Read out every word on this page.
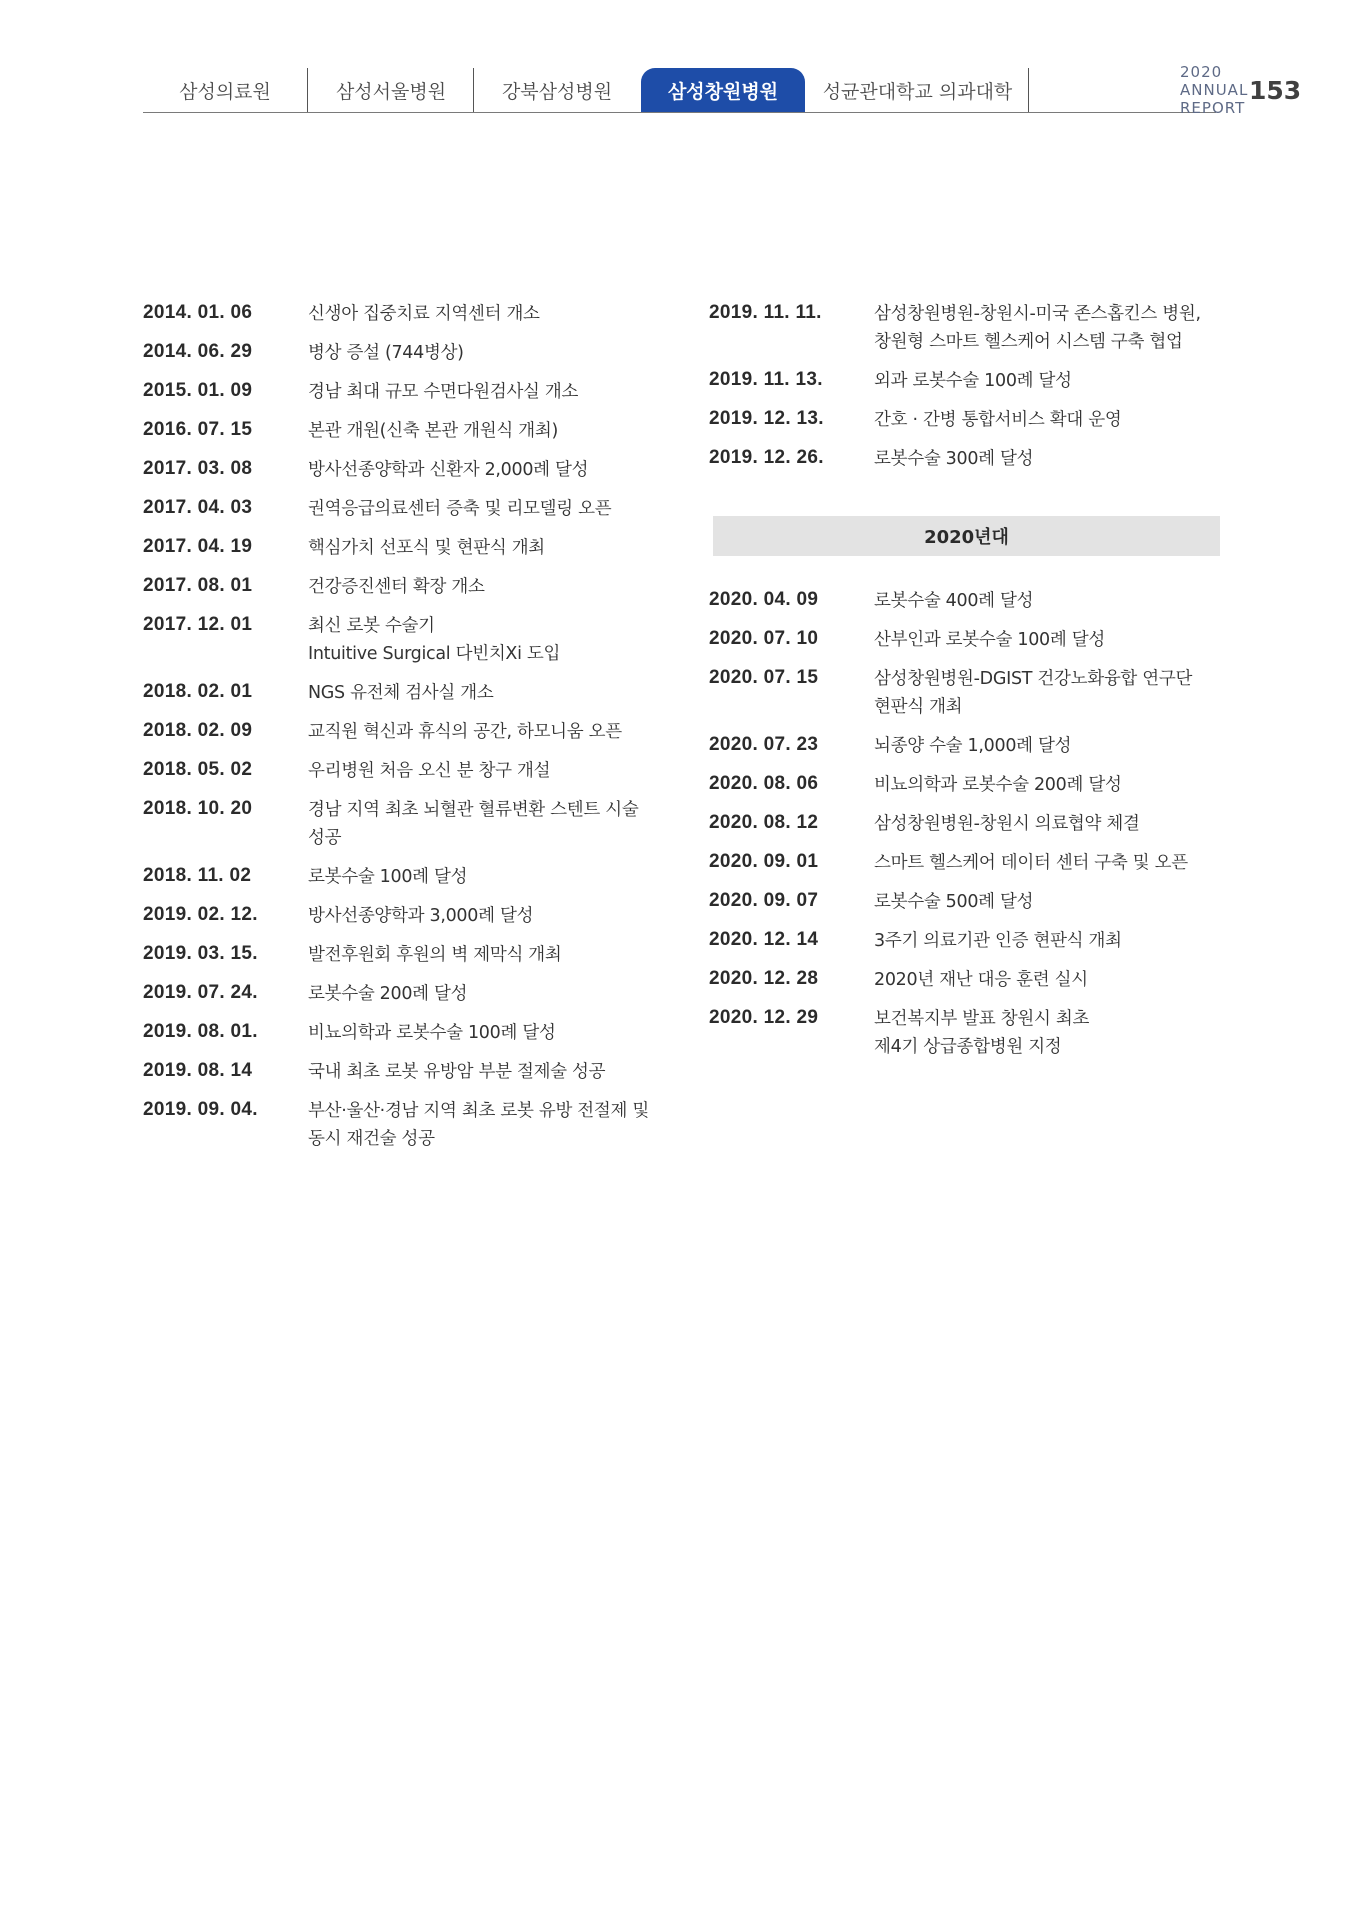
삼성의료원	삼성서울병원	강북삼성병원	삼성창원병원	성균관대학교 의과대학
2020 ANNUAL REPORT
153
2014. 01. 06	신생아 집중치료 지역센터 개소
2014. 06. 29	병상 증설 (744병상)
2015. 01. 09	경남 최대 규모 수면다원검사실 개소
2016. 07. 15	본관 개원(신축 본관 개원식 개최)
2017. 03. 08	방사선종양학과 신환자 2,000례 달성
2017. 04. 03	권역응급의료센터 증축 및 리모델링 오픈
2017. 04. 19	핵심가치 선포식 및 현판식 개최
2017. 08. 01	건강증진센터 확장 개소
2017. 12. 01	최신 로봇 수술기
Intuitive Surgical 다빈치Xi 도입
2018. 02. 01	NGS 유전체 검사실 개소
2018. 02. 09	교직원 혁신과 휴식의 공간, 하모니움 오픈
2018. 05. 02	우리병원 처음 오신 분 창구 개설
2018. 10. 20	경남 지역 최초 뇌혈관 혈류변환 스텐트 시술
성공
2018. 11. 02	로봇수술 100례 달성
2019. 02. 12.	방사선종양학과 3,000례 달성
2019. 03. 15.	발전후원회 후원의 벽 제막식 개최
2019. 07. 24.	로봇수술 200례 달성
2019. 08. 01.	비뇨의학과 로봇수술 100례 달성
2019. 08. 14	국내 최초 로봇 유방암 부분 절제술 성공
2019. 09. 04.	부산·울산·경남 지역 최초 로봇 유방 전절제 및
동시 재건술 성공
2019. 11. 11.	삼성창원병원-창원시-미국 존스홉킨스 병원,
창원형 스마트 헬스케어 시스템 구축 협업
2019. 11. 13.	외과 로봇수술 100례 달성
2019. 12. 13.	간호 · 간병 통합서비스 확대 운영
2019. 12. 26.	로봇수술 300례 달성
2020년대
2020. 04. 09	로봇수술 400례 달성
2020. 07. 10	산부인과 로봇수술 100례 달성
2020. 07. 15	삼성창원병원-DGIST 건강노화융합 연구단
현판식 개최
2020. 07. 23	뇌종양 수술 1,000례 달성
2020. 08. 06	비뇨의학과 로봇수술 200례 달성
2020. 08. 12	삼성창원병원-창원시 의료협약 체결
2020. 09. 01	스마트 헬스케어 데이터 센터 구축 및 오픈
2020. 09. 07	로봇수술 500례 달성
2020. 12. 14	3주기 의료기관 인증 현판식 개최
2020. 12. 28	2020년 재난 대응 훈련 실시
2020. 12. 29	보건복지부 발표 창원시 최초
제4기 상급종합병원 지정
